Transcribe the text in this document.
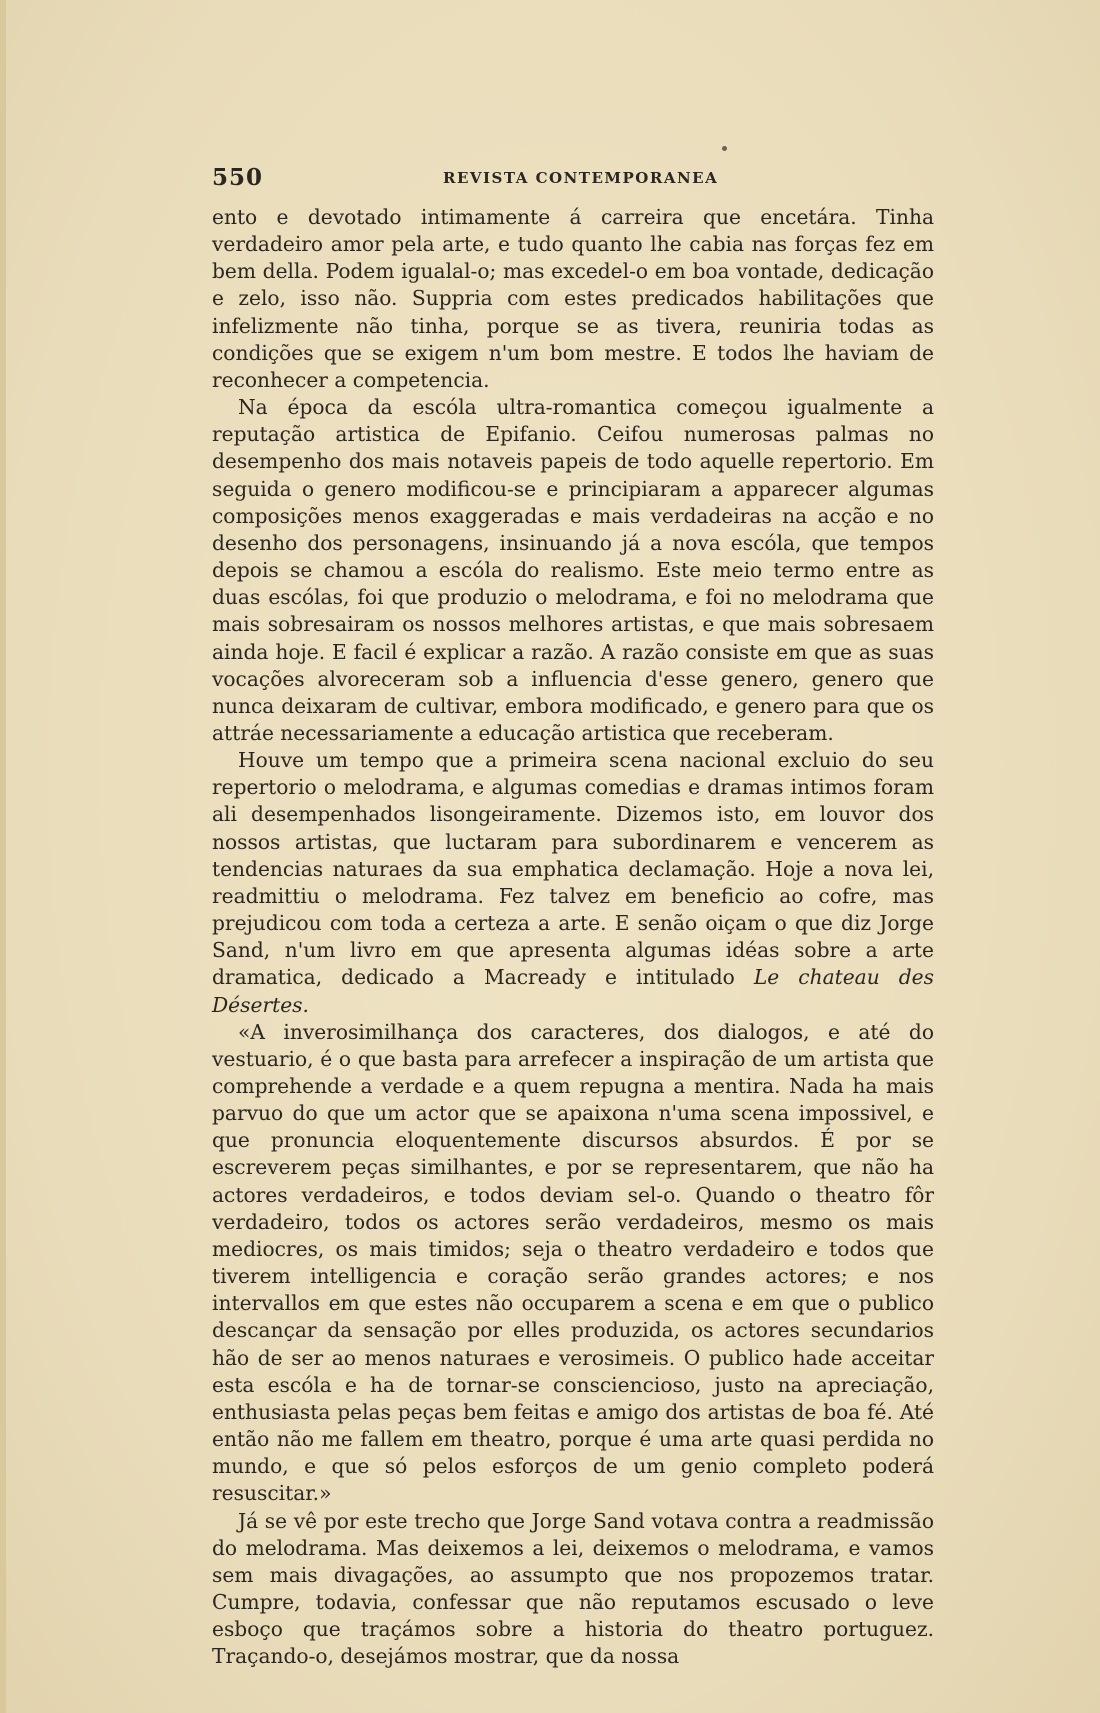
550	REVISTA CONTEMPORANEA

ento e devotado intimamente á carreira que encetára. Tinha verdadeiro amor pela arte, e tudo quanto lhe cabia nas forças fez em bem della. Podem igualal-o; mas excedel-o em boa vontade, dedicação e zelo, isso não. Suppria com estes predicados habilitações que infelizmente não tinha, porque se as tivera, reuniria todas as condições que se exigem n'um bom mestre. E todos lhe haviam de reconhecer a competencia.

Na época da escóla ultra-romantica começou igualmente a reputação artistica de Epifanio. Ceifou numerosas palmas no desempenho dos mais notaveis papeis de todo aquelle repertorio. Em seguida o genero modificou-se e principiaram a apparecer algumas composições menos exaggeradas e mais verdadeiras na acção e no desenho dos personagens, insinuando já a nova escóla, que tempos depois se chamou a escóla do realismo. Este meio termo entre as duas escólas, foi que produzio o melodrama, e foi no melodrama que mais sobresairam os nossos melhores artistas, e que mais sobresaem ainda hoje. E facil é explicar a razão. A razão consiste em que as suas vocações alvoreceram sob a influencia d'esse genero, genero que nunca deixaram de cultivar, embora modificado, e genero para que os attráe necessariamente a educação artistica que receberam.

Houve um tempo que a primeira scena nacional excluio do seu repertorio o melodrama, e algumas comedias e dramas intimos foram ali desempenhados lisongeiramente. Dizemos isto, em louvor dos nossos artistas, que luctaram para subordinarem e vencerem as tendencias naturaes da sua emphatica declamação. Hoje a nova lei, readmittiu o melodrama. Fez talvez em beneficio ao cofre, mas prejudicou com toda a certeza a arte. E senão oiçam o que diz Jorge Sand, n'um livro em que apresenta algumas idéas sobre a arte dramatica, dedicado a Macready e intitulado Le chateau des Désertes.

«A inverosimilhança dos caracteres, dos dialogos, e até do vestuario, é o que basta para arrefecer a inspiração de um artista que comprehende a verdade e a quem repugna a mentira. Nada ha mais parvuo do que um actor que se apaixona n'uma scena impossivel, e que pronuncia eloquentemente discursos absurdos. É por se escreverem peças similhantes, e por se representarem, que não ha actores verdadeiros, e todos deviam sel-o. Quando o theatro fôr verdadeiro, todos os actores serão verdadeiros, mesmo os mais mediocres, os mais timidos; seja o theatro verdadeiro e todos que tiverem intelligencia e coração serão grandes actores; e nos intervallos em que estes não occuparem a scena e em que o publico descançar da sensação por elles produzida, os actores secundarios hão de ser ao menos naturaes e verosimeis. O publico hade acceitar esta escóla e ha de tornar-se consciencioso, justo na apreciação, enthusiasta pelas peças bem feitas e amigo dos artistas de boa fé. Até então não me fallem em theatro, porque é uma arte quasi perdida no mundo, e que só pelos esforços de um genio completo poderá resuscitar.»

Já se vê por este trecho que Jorge Sand votava contra a readmissão do melodrama. Mas deixemos a lei, deixemos o melodrama, e vamos sem mais divagações, ao assumpto que nos propozemos tratar. Cumpre, todavia, confessar que não reputamos escusado o leve esboço que traçámos sobre a historia do theatro portuguez. Traçando-o, desejámos mostrar, que da nossa
